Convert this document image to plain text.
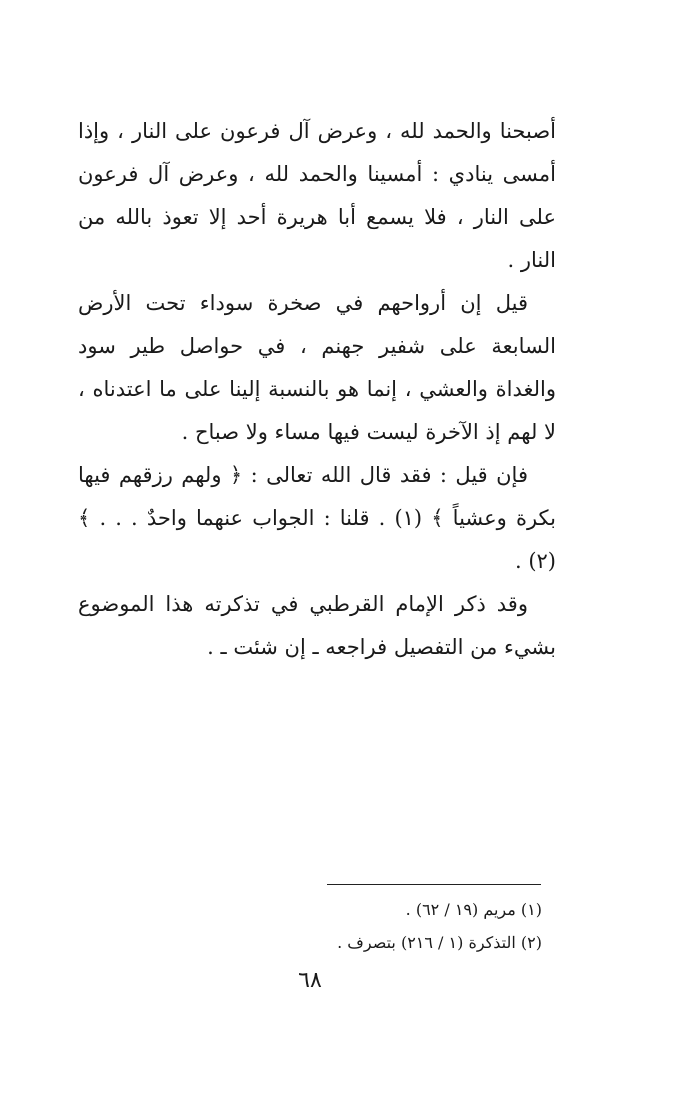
أصبحنا والحمد لله ، وعرض آل فرعون على النار ، وإذا أمسى ينادي : أمسينا والحمد لله ، وعرض آل فرعون على النار ، فلا يسمع أبا هريرة أحد إلا تعوذ بالله من النار .

قيل إن أرواحهم في صخرة سوداء تحت الأرض السابعة على شفير جهنم ، في حواصل طير سود والغداة والعشي ، إنما هو بالنسبة إلينا على ما اعتدناه ، لا لهم إذ الآخرة ليست فيها مساء ولا صباح .

فإن قيل : فقد قال الله تعالى : ﴿ ولهم رزقهم فيها بكرة وعشياً ﴾ (١) . قلنا : الجواب عنهما واحدٌ . . . ﴾ (٢) .

وقد ذكر الإمام القرطبي في تذكرته هذا الموضوع بشيء من التفصيل فراجعه ـ إن شئت ـ .

(١) مريم (١٩ / ٦٢) .
(٢) التذكرة (١ / ٢١٦) بتصرف .
٦٨
